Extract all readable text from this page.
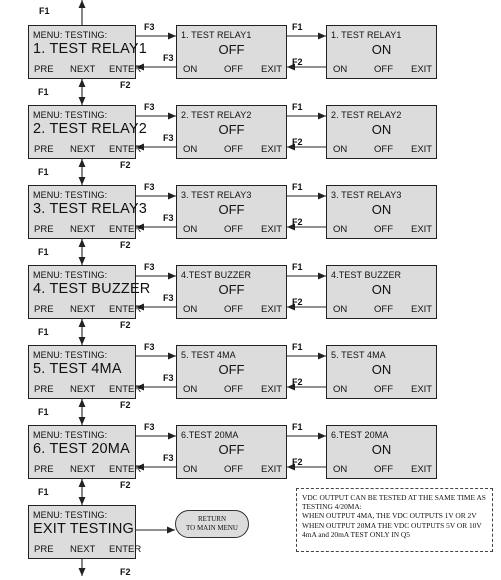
F1
MENU: TESTING:
1. TEST RELAY1
PRE NEXT ENTER
1. TEST RELAY1
OFF
ON	OFF EXIT
1. TEST RELAY1
ON
ON	OFF EXIT
F3
F3
F1
F2
F1
F2
MENU: TESTING:
2. TEST RELAY2
PRE NEXT ENTER
2. TEST RELAY2
OFF
ON	OFF EXIT
2. TEST RELAY2
ON
ON	OFF EXIT
F3
F3
F1
F2
F1
F2
MENU: TESTING:
3. TEST RELAY3
PRE NEXT ENTER
3. TEST RELAY3
OFF
ON	OFF EXIT
3. TEST RELAY3
ON
ON	OFF EXIT
F3
F3
F1
F2
F1
F2
MENU: TESTING:
4. TEST BUZZER
PRE NEXT ENTER
4.TEST BUZZER
OFF
ON	OFF EXIT
4.TEST BUZZER
ON
ON	OFF EXIT
F3
F3
F1
F2
F1
F2
MENU: TESTING:
5. TEST 4MA
PRE NEXT ENTER
5. TEST 4MA
OFF
ON	OFF EXIT
5. TEST 4MA
ON
ON	OFF EXIT
F3
F3
F1
F2
F1
F2
MENU: TESTING:
6. TEST 20MA
PRE NEXT ENTER
6.TEST 20MA
OFF
ON	OFF EXIT
6.TEST 20MA
ON
ON	OFF EXIT
F3
F3
F1
F2
F1
F2
MENU: TESTING:
EXIT TESTING
PRE NEXT ENTER
F2
RETURN
TO MAIN MENU
VDC OUTPUT CAN BE TESTED AT THE SAME TIME AS
TESTING 4/20MA:
WHEN OUTPUT 4MA, THE VDC OUTPUTS 1V OR 2V
WHEN OUTPUT 20MA THE VDC OUTPUTS 5V OR 10V
4mA and 20mA TEST ONLY IN Q5
